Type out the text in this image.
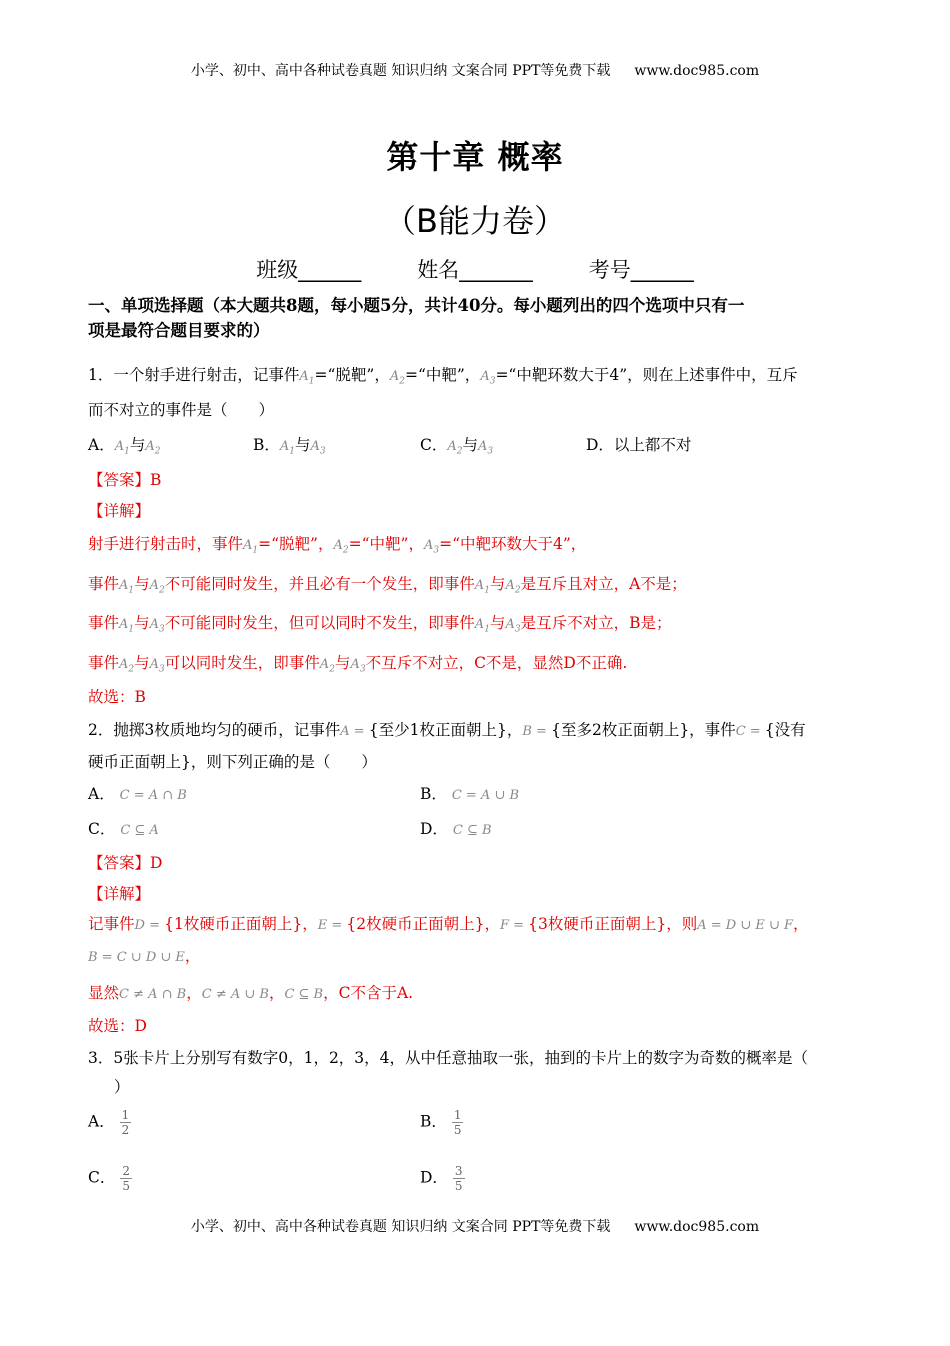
小学、初中、高中各种试卷真题 知识归纳 文案合同 PPT等免费下载 www.doc985.com
第十章 概率
（B能力卷）
班级______	姓名_______	考号______
一、单项选择题（本大题共8题，每小题5分，共计40分。每小题列出的四个选项中只有一
项是最符合题目要求的）
1．一个射手进行射击，记事件$A_1=“$脱靶”，$A_2=“$中靶”，$A_3=“$中靶环数大于4”，则在上述事件中，互斥
而不对立的事件是（　　）
A．$A_1$与$A_2$	B．$A_1$与$A_3$	C．$A_2$与$A_3$	D．以上都不对
【答案】B
【详解】
射手进行射击时，事件$A_1=“$脱靶”，$A_2=“$中靶”，$A_3=“$中靶环数大于4”，
事件$A_1$与$A_2$不可能同时发生，并且必有一个发生，即事件$A_1$与$A_2$是互斥且对立，A不是；
事件$A_1$与$A_3$不可能同时发生，但可以同时不发生，即事件$A_1$与$A_3$是互斥不对立，B是；
事件$A_2$与$A_3$可以同时发生，即事件$A_2$与$A_3$不互斥不对立，C不是，显然D不正确.
故选：B
2．抛掷3枚质地均匀的硬币，记事件A = {至少1枚正面朝上}，B = {至多2枚正面朝上}，事件C = {没有
硬币正面朝上}，则下列正确的是（　　）
A． C = A ∩ B	B． C = A ∪ B
C． C ⊆ A	D． C ⊆ B
【答案】D
【详解】
记事件D = {1枚硬币正面朝上}，E = {2枚硬币正面朝上}，F = {3枚硬币正面朝上}，则A = D ∪ E ∪ F，
B = C ∪ D ∪ E，
显然C ≠ A ∩ B，C ≠ A ∪ B，C ⊆ B，C不含于A.
故选：D
3．5张卡片上分别写有数字0，1，2，3，4，从中任意抽取一张，抽到的卡片上的数字为奇数的概率是（
）
A． $\frac{1}{2}$	B． $\frac{1}{5}$
C． $\frac{2}{5}$	D． $\frac{3}{5}$
小学、初中、高中各种试卷真题 知识归纳 文案合同 PPT等免费下载 www.doc985.com
